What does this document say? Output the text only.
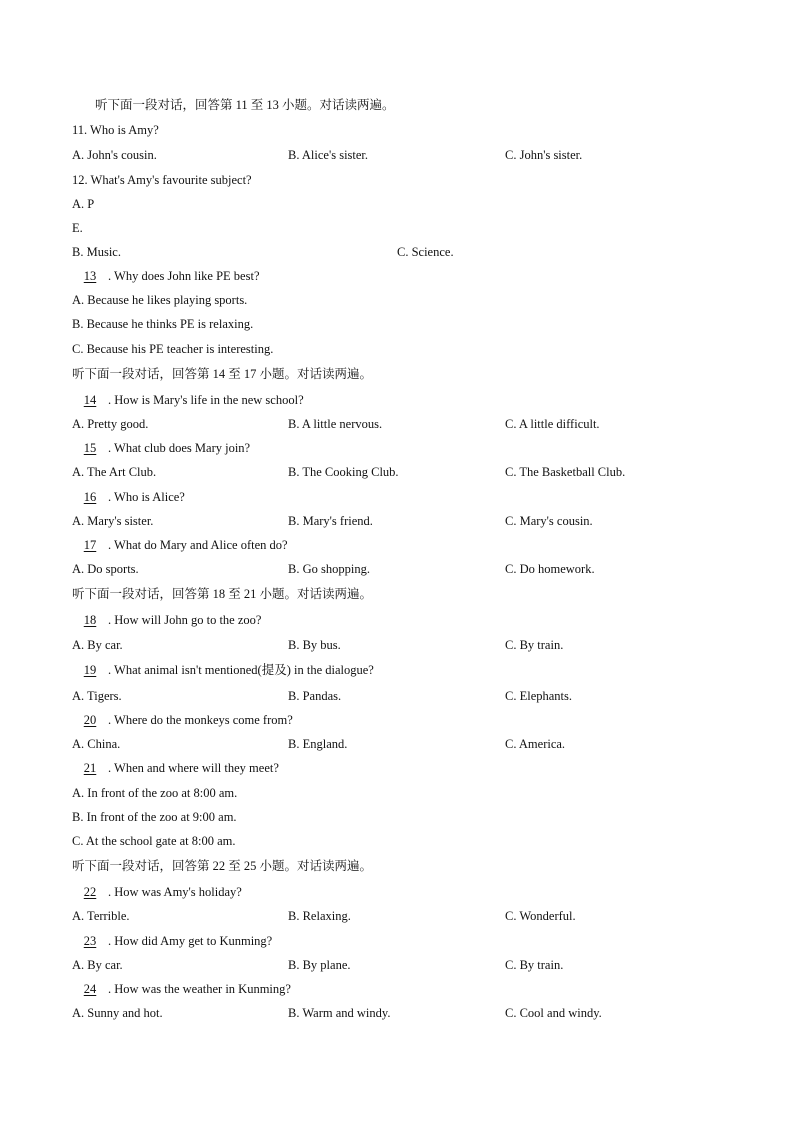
听下面一段对话，回答第 11 至 13 小题。对话读两遍。
11. Who is Amy?
A. John's cousin.	B. Alice's sister.	C. John's sister.
12. What's Amy's favourite subject?
A. P
E.
B. Music.	C. Science.
13 . Why does John like PE best?
A. Because he likes playing sports.
B. Because he thinks PE is relaxing.
C. Because his PE teacher is interesting.
听下面一段对话，回答第 14 至 17 小题。对话读两遍。
14 . How is Mary's life in the new school?
A. Pretty good.	B. A little nervous.	C. A little difficult.
15 . What club does Mary join?
A. The Art Club.	B. The Cooking Club.	C. The Basketball Club.
16 . Who is Alice?
A. Mary's sister.	B. Mary's friend.	C. Mary's cousin.
17 . What do Mary and Alice often do?
A. Do sports.	B. Go shopping.	C. Do homework.
听下面一段对话，回答第 18 至 21 小题。对话读两遍。
18 . How will John go to the zoo?
A. By car.	B. By bus.	C. By train.
19 . What animal isn't mentioned(提及) in the dialogue?
A. Tigers.	B. Pandas.	C. Elephants.
20 . Where do the monkeys come from?
A. China.	B. England.	C. America.
21 . When and where will they meet?
A. In front of the zoo at 8:00 am.
B. In front of the zoo at 9:00 am.
C. At the school gate at 8:00 am.
听下面一段对话，回答第 22 至 25 小题。对话读两遍。
22 . How was Amy's holiday?
A. Terrible.	B. Relaxing.	C. Wonderful.
23 . How did Amy get to Kunming?
A. By car.	B. By plane.	C. By train.
24 . How was the weather in Kunming?
A. Sunny and hot.	B. Warm and windy.	C. Cool and windy.
